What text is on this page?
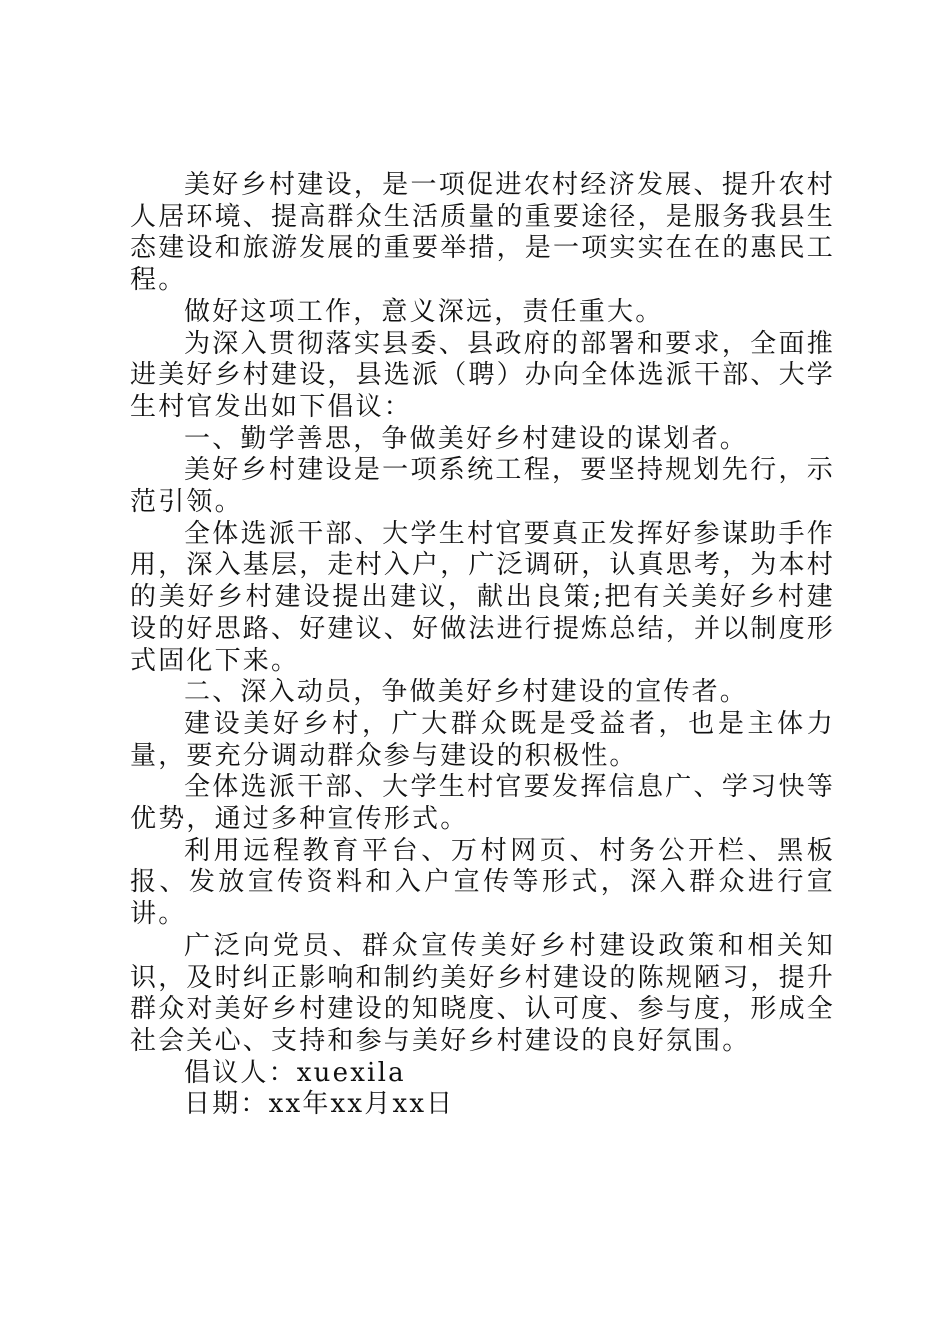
美好乡村建设，是一项促进农村经济发展、提升农村人居环境、提高群众生活质量的重要途径，是服务我县生态建设和旅游发展的重要举措，是一项实实在在的惠民工程。

做好这项工作，意义深远，责任重大。

为深入贯彻落实县委、县政府的部署和要求，全面推进美好乡村建设，县选派（聘）办向全体选派干部、大学生村官发出如下倡议：

一、勤学善思，争做美好乡村建设的谋划者。

美好乡村建设是一项系统工程，要坚持规划先行，示范引领。

全体选派干部、大学生村官要真正发挥好参谋助手作用，深入基层，走村入户，广泛调研，认真思考，为本村的美好乡村建设提出建议，献出良策;把有关美好乡村建设的好思路、好建议、好做法进行提炼总结，并以制度形式固化下来。

二、深入动员，争做美好乡村建设的宣传者。

建设美好乡村，广大群众既是受益者，也是主体力量，要充分调动群众参与建设的积极性。

全体选派干部、大学生村官要发挥信息广、学习快等优势，通过多种宣传形式。

利用远程教育平台、万村网页、村务公开栏、黑板报、发放宣传资料和入户宣传等形式，深入群众进行宣讲。

广泛向党员、群众宣传美好乡村建设政策和相关知识，及时纠正影响和制约美好乡村建设的陈规陋习，提升群众对美好乡村建设的知晓度、认可度、参与度，形成全社会关心、支持和参与美好乡村建设的良好氛围。

倡议人：xuexila

日期：xx年xx月xx日
